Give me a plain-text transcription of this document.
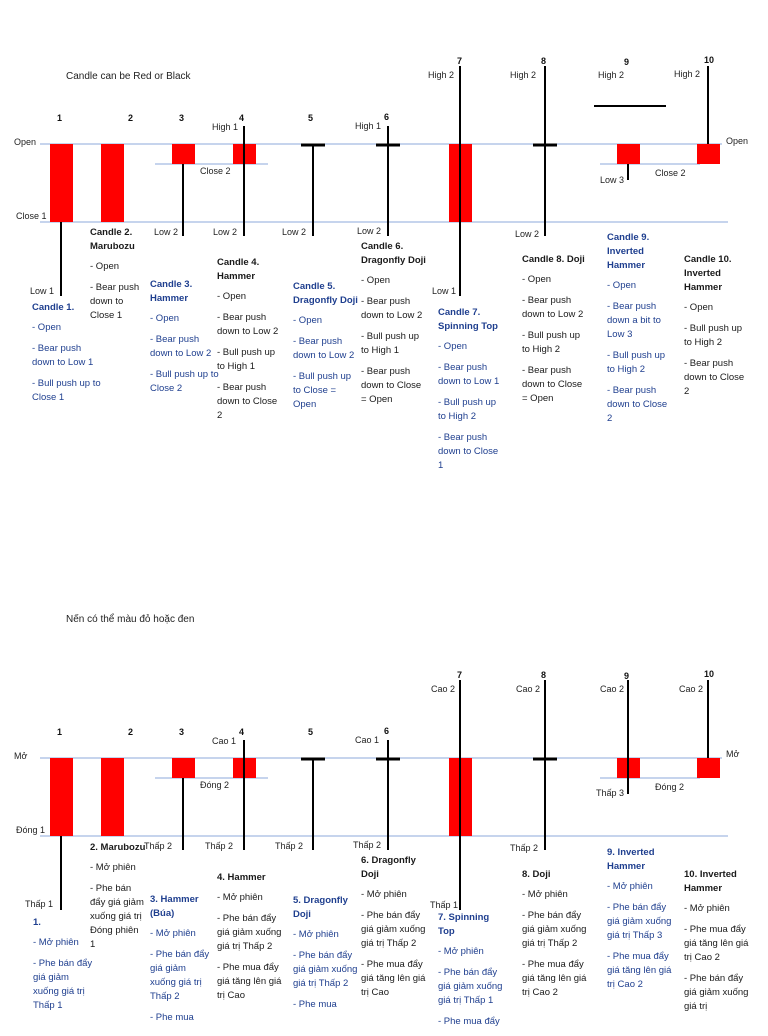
Candle can be Red or Black
Open	Open
Close 1
1	2	3	4	5	6
7	8	9	10
Low 1
Low 2	Low 2	Low 2	Low 2
Low 1
Low 2
Low 3
High 1	High 1
High 2	High 2	High 2	High 2
Close 2	Close 2
Candle 1.
- Open
- Bear push down to Low 1
- Bull push up to Close 1
Candle 2. Marubozu
- Open
- Bear push down to Close 1
Candle 3. Hammer
- Open
- Bear push down to Low 2
- Bull push up to Close 2
Candle 4. Hammer
- Open
- Bear push down to Low 2
- Bull push up to High 1
- Bear push down to Close 2
Candle 5. Dragonfly Doji
- Open
- Bear push down to Low 2
- Bull push up to Close = Open
Candle 6. Dragonfly Doji
- Open
- Bear push down to Low 2
- Bull push up to High 1
- Bear push down to Close = Open
Candle 7. Spinning Top
- Open
- Bear push down to Low 1
- Bull push up to High 2
- Bear push down to Close 1
Candle 8. Doji
- Open
- Bear push down to Low 2
- Bull push up to High 2
- Bear push down to Close = Open
Candle 9. Inverted Hammer
- Open
- Bear push down a bit to Low 3
- Bull push up to High 2
- Bear push down to Close 2
Candle 10. Inverted Hammer
- Open
- Bull push up to High 2
- Bear push down to Close 2
Nến có thể màu đỏ hoặc đen
Mở	Mở
Đóng 1
1	2	3	4	5	6
7	8	9	10
Thấp 1
Thấp 2	Thấp 2	Thấp 2	Thấp 2
Thấp 1
Thấp 2
Thấp 3
Cao 1	Cao 1
Cao 2	Cao 2	Cao 2	Cao 2
Đóng 2	Đóng 2
1.
- Mở phiên
- Phe bán đẩy giá giảm xuống giá trị Thấp 1
2. Marubozu
- Mở phiên
- Phe bán đẩy giá giảm xuống giá trị Đóng phiên 1
3. Hammer (Búa)
- Mở phiên
- Phe bán đẩy giá giảm xuống giá trị Thấp 2
- Phe mua
4. Hammer
- Mở phiên
- Phe bán đẩy giá giảm xuống giá trị Thấp 2
- Phe mua đẩy giá tăng lên giá trị Cao
5. Dragonfly Doji
- Mở phiên
- Phe bán đẩy giá giảm xuống giá trị Thấp 2
- Phe mua
6. Dragonfly Doji
- Mở phiên
- Phe bán đẩy giá giảm xuống giá trị Thấp 2
- Phe mua đẩy giá tăng lên giá trị Cao
7. Spinning Top
- Mở phiên
- Phe bán đẩy giá giảm xuống giá trị Thấp 1
- Phe mua đẩy
8. Doji
- Mở phiên
- Phe bán đẩy giá giảm xuống giá trị Thấp 2
- Phe mua đẩy giá tăng lên giá trị Cao 2
9. Inverted Hammer
- Mở phiên
- Phe bán đẩy giá giảm xuống giá trị Thấp 3
- Phe mua đẩy giá tăng lên giá trị Cao 2
10. Inverted Hammer
- Mở phiên
- Phe mua đẩy giá tăng lên giá trị Cao 2
- Phe bán đẩy giá giảm xuống giá trị
